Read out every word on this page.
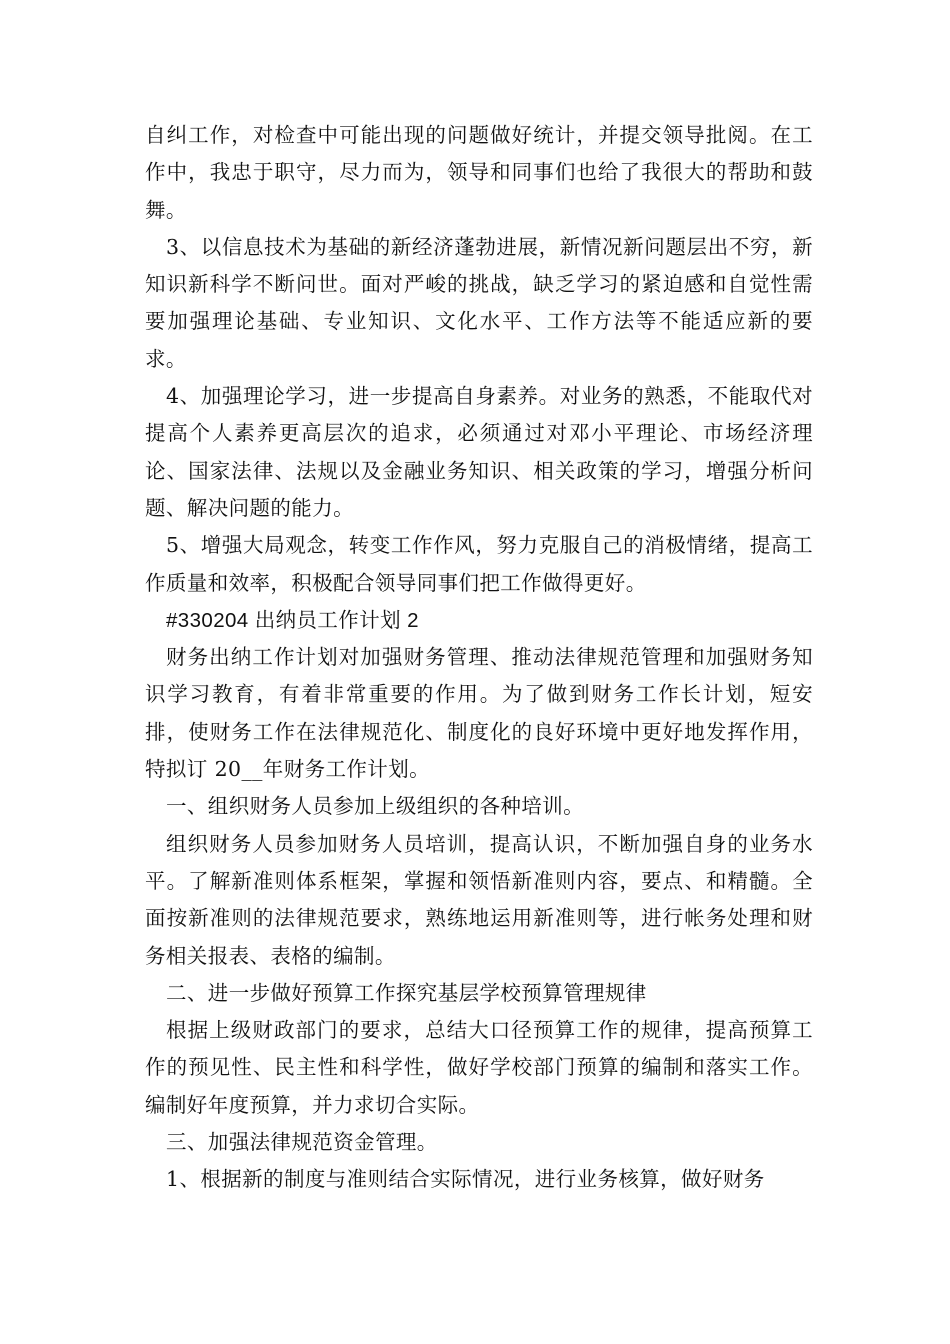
自纠工作，对检查中可能出现的问题做好统计，并提交领导批阅。在工作中，我忠于职守，尽力而为，领导和同事们也给了我很大的帮助和鼓舞。

3、以信息技术为基础的新经济蓬勃进展，新情况新问题层出不穷，新知识新科学不断问世。面对严峻的挑战，缺乏学习的紧迫感和自觉性需要加强理论基础、专业知识、文化水平、工作方法等不能适应新的要求。

4、加强理论学习，进一步提高自身素养。对业务的熟悉，不能取代对提高个人素养更高层次的追求，必须通过对邓小平理论、市场经济理论、国家法律、法规以及金融业务知识、相关政策的学习，增强分析问题、解决问题的能力。

5、增强大局观念，转变工作作风，努力克服自己的消极情绪，提高工作质量和效率，积极配合领导同事们把工作做得更好。

#330204 出纳员工作计划 2

财务出纳工作计划对加强财务管理、推动法律规范管理和加强财务知识学习教育，有着非常重要的作用。为了做到财务工作长计划，短安排，使财务工作在法律规范化、制度化的良好环境中更好地发挥作用，特拟订 20__年财务工作计划。

一、组织财务人员参加上级组织的各种培训。

组织财务人员参加财务人员培训，提高认识，不断加强自身的业务水平。了解新准则体系框架，掌握和领悟新准则内容，要点、和精髓。全面按新准则的法律规范要求，熟练地运用新准则等，进行帐务处理和财务相关报表、表格的编制。

二、进一步做好预算工作探究基层学校预算管理规律

根据上级财政部门的要求，总结大口径预算工作的规律，提高预算工作的预见性、民主性和科学性，做好学校部门预算的编制和落实工作。编制好年度预算，并力求切合实际。

三、加强法律规范资金管理。

1、根据新的制度与准则结合实际情况，进行业务核算，做好财务
